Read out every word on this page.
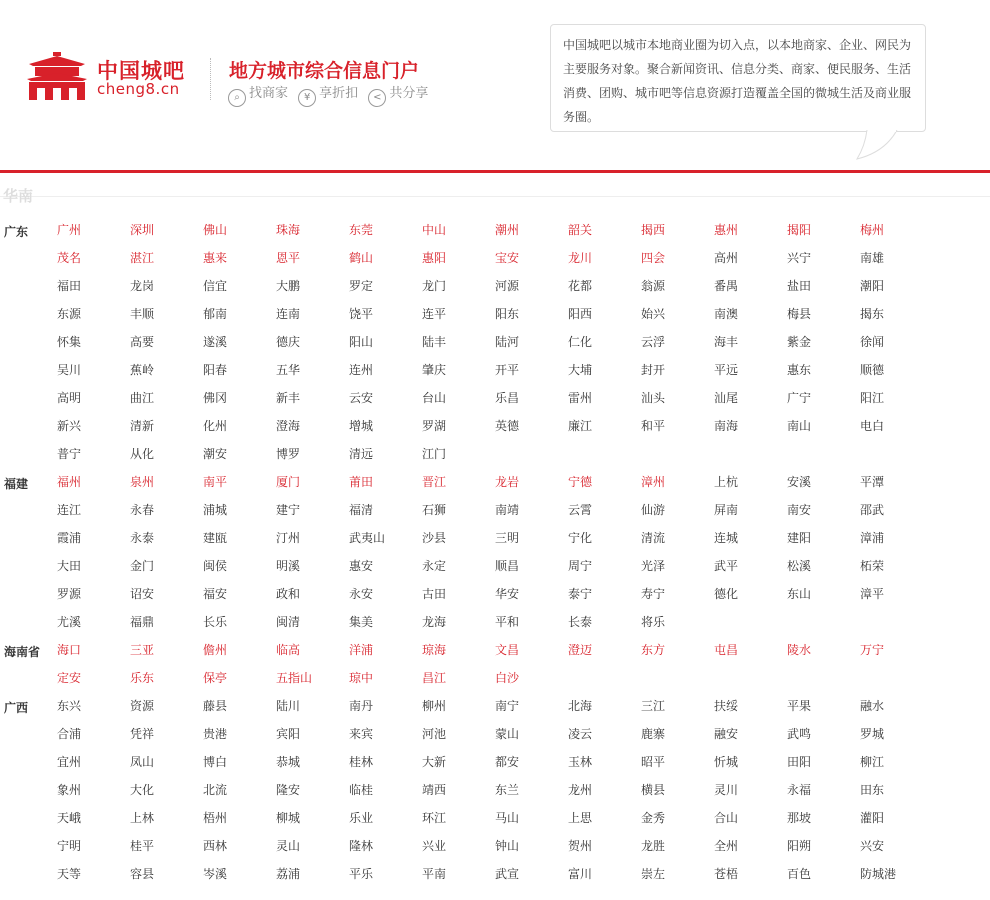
中国城吧
cheng8.cn
地方城市综合信息门户
⌕ 找商家 ¥ 享折扣 < 共分享
中国城吧以城市本地商业圈为切入点，以本地商家、企业、网民为主要服务对象。聚合新闻资讯、信息分类、商家、便民服务、生活消费、团购、城市吧等信息资源打造覆盖全国的微城生活及商业服务圈。
华南
广东 广州	深圳	佛山	珠海	东莞	中山	潮州	韶关	揭西	惠州	揭阳	梅州
茂名	湛江	惠来	恩平	鹤山	惠阳	宝安	龙川	四会	高州	兴宁	南雄
福田	龙岗	信宜	大鹏	罗定	龙门	河源	花都	翁源	番禺	盐田	潮阳
东源	丰顺	郁南	连南	饶平	连平	阳东	阳西	始兴	南澳	梅县	揭东
怀集	高要	遂溪	德庆	阳山	陆丰	陆河	仁化	云浮	海丰	紫金	徐闻
吴川	蕉岭	阳春	五华	连州	肇庆	开平	大埔	封开	平远	惠东	顺德
高明	曲江	佛冈	新丰	云安	台山	乐昌	雷州	汕头	汕尾	广宁	阳江
新兴	清新	化州	澄海	增城	罗湖	英德	廉江	和平	南海	南山	电白
普宁	从化	潮安	博罗	清远	江门
福建 福州	泉州	南平	厦门	莆田	晋江	龙岩	宁德	漳州	上杭	安溪	平潭
连江	永春	浦城	建宁	福清	石狮	南靖	云霄	仙游	屏南	南安	邵武
霞浦	永泰	建瓯	汀州	武夷山	沙县	三明	宁化	清流	连城	建阳	漳浦
大田	金门	闽侯	明溪	惠安	永定	顺昌	周宁	光泽	武平	松溪	柘荣
罗源	诏安	福安	政和	永安	古田	华安	泰宁	寿宁	德化	东山	漳平
尤溪	福鼎	长乐	闽清	集美	龙海	平和	长泰	将乐
海南省 海口	三亚	儋州	临高	洋浦	琼海	文昌	澄迈	东方	屯昌	陵水	万宁
定安	乐东	保亭	五指山	琼中	昌江	白沙
广西 东兴	资源	藤县	陆川	南丹	柳州	南宁	北海	三江	扶绥	平果	融水
合浦	凭祥	贵港	宾阳	来宾	河池	蒙山	凌云	鹿寨	融安	武鸣	罗城
宜州	凤山	博白	恭城	桂林	大新	都安	玉林	昭平	忻城	田阳	柳江
象州	大化	北流	隆安	临桂	靖西	东兰	龙州	横县	灵川	永福	田东
天峨	上林	梧州	柳城	乐业	环江	马山	上思	金秀	合山	那坡	灌阳
宁明	桂平	西林	灵山	隆林	兴业	钟山	贺州	龙胜	全州	阳朔	兴安
天等	容县	岑溪	荔浦	平乐	平南	武宣	富川	崇左	苍梧	百色	防城港
